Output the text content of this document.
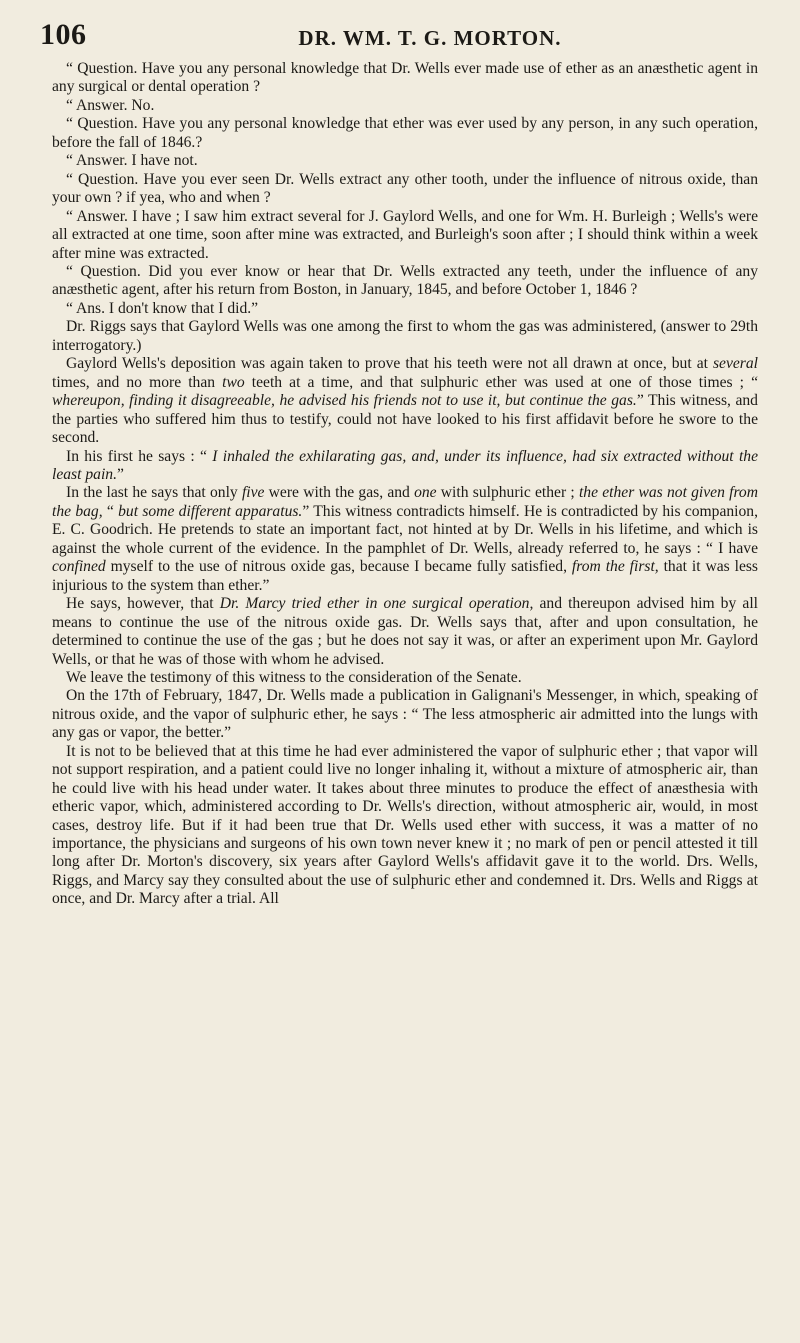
106	DR. WM. T. G. MORTON.

“ Question. Have you any personal knowledge that Dr. Wells ever made use of ether as an anæsthetic agent in any surgical or dental operation ?

“ Answer. No.

“ Question. Have you any personal knowledge that ether was ever used by any person, in any such operation, before the fall of 1846.?

“ Answer. I have not.

“ Question. Have you ever seen Dr. Wells extract any other tooth, under the influence of nitrous oxide, than your own ? if yea, who and when ?

“ Answer. I have ; I saw him extract several for J. Gaylord Wells, and one for Wm. H. Burleigh ; Wells's were all extracted at one time, soon after mine was extracted, and Burleigh's soon after ; I should think within a week after mine was extracted.

“ Question. Did you ever know or hear that Dr. Wells extracted any teeth, under the influence of any anæsthetic agent, after his return from Boston, in January, 1845, and before October 1, 1846 ?

“ Ans. I don't know that I did.”

Dr. Riggs says that Gaylord Wells was one among the first to whom the gas was administered, (answer to 29th interrogatory.)

Gaylord Wells's deposition was again taken to prove that his teeth were not all drawn at once, but at several times, and no more than two teeth at a time, and that sulphuric ether was used at one of those times ; “ whereupon, finding it disagreeable, he advised his friends not to use it, but continue the gas.” This witness, and the parties who suffered him thus to testify, could not have looked to his first affidavit before he swore to the second.

In his first he says : “ I inhaled the exhilarating gas, and, under its influence, had six extracted without the least pain.”

In the last he says that only five were with the gas, and one with sulphuric ether ; the ether was not given from the bag, “ but some different apparatus.” This witness contradicts himself. He is contradicted by his companion, E. C. Goodrich. He pretends to state an important fact, not hinted at by Dr. Wells in his lifetime, and which is against the whole current of the evidence. In the pamphlet of Dr. Wells, already referred to, he says : “ I have confined myself to the use of nitrous oxide gas, because I became fully satisfied, from the first, that it was less injurious to the system than ether.”

He says, however, that Dr. Marcy tried ether in one surgical operation, and thereupon advised him by all means to continue the use of the nitrous oxide gas. Dr. Wells says that, after and upon consultation, he determined to continue the use of the gas ; but he does not say it was, or after an experiment upon Mr. Gaylord Wells, or that he was of those with whom he advised.

We leave the testimony of this witness to the consideration of the Senate.

On the 17th of February, 1847, Dr. Wells made a publication in Galignani's Messenger, in which, speaking of nitrous oxide, and the vapor of sulphuric ether, he says : “ The less atmospheric air admitted into the lungs with any gas or vapor, the better.”

It is not to be believed that at this time he had ever administered the vapor of sulphuric ether ; that vapor will not support respiration, and a patient could live no longer inhaling it, without a mixture of atmospheric air, than he could live with his head under water. It takes about three minutes to produce the effect of anæsthesia with etheric vapor, which, administered according to Dr. Wells's direction, without atmospheric air, would, in most cases, destroy life. But if it had been true that Dr. Wells used ether with success, it was a matter of no importance, the physicians and surgeons of his own town never knew it ; no mark of pen or pencil attested it till long after Dr. Morton's discovery, six years after Gaylord Wells's affidavit gave it to the world. Drs. Wells, Riggs, and Marcy say they consulted about the use of sulphuric ether and condemned it. Drs. Wells and Riggs at once, and Dr. Marcy after a trial. All
